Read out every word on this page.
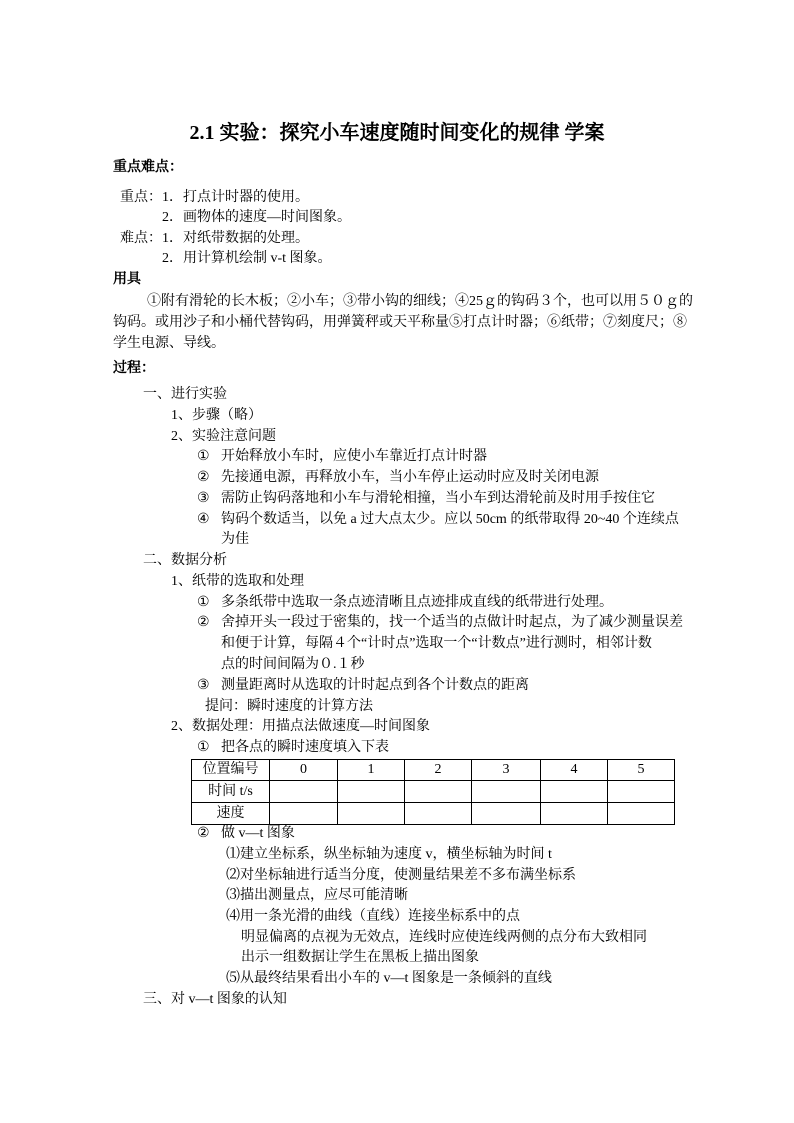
2.1 实验：探究小车速度随时间变化的规律 学案
重点难点：
重点： 1．打点计时器的使用。
2．画物体的速度—时间图象。
难点： 1．对纸带数据的处理。
2．用计算机绘制 v-t 图象。
用具
①附有滑轮的长木板；②小车；③带小钩的细线；④25ｇ的钩码３个，也可以用５０ｇ的
钩码。或用沙子和小桶代替钩码，用弹簧秤或天平称量⑤打点计时器；⑥纸带；⑦刻度尺；⑧
学生电源、导线。
过程：
一、进行实验
1、步骤（略）
2、实验注意问题
① 开始释放小车时，应使小车靠近打点计时器
② 先接通电源，再释放小车，当小车停止运动时应及时关闭电源
③ 需防止钩码落地和小车与滑轮相撞，当小车到达滑轮前及时用手按住它
④ 钩码个数适当，以免 a 过大点太少。应以 50cm 的纸带取得 20~40 个连续点
为佳
二、数据分析
1、纸带的选取和处理
① 多条纸带中选取一条点迹清晰且点迹排成直线的纸带进行处理。
② 舍掉开头一段过于密集的，找一个适当的点做计时起点，为了减少测量误差
和便于计算，每隔４个“计时点”选取一个“计数点”进行测时，相邻计数
点的时间间隔为０.１秒
③ 测量距离时从选取的计时起点到各个计数点的距离
提问：瞬时速度的计算方法
2、数据处理：用描点法做速度—时间图象
① 把各点的瞬时速度填入下表
位置编号	0	1	2	3	4	5
时间 t/s						
速度						
② 做 v—t 图象
⑴建立坐标系，纵坐标轴为速度 v，横坐标轴为时间 t
⑵对坐标轴进行适当分度，使测量结果差不多布满坐标系
⑶描出测量点，应尽可能清晰
⑷用一条光滑的曲线（直线）连接坐标系中的点
明显偏离的点视为无效点，连线时应使连线两侧的点分布大致相同
出示一组数据让学生在黑板上描出图象
⑸从最终结果看出小车的 v—t 图象是一条倾斜的直线
三、对 v—t 图象的认知
